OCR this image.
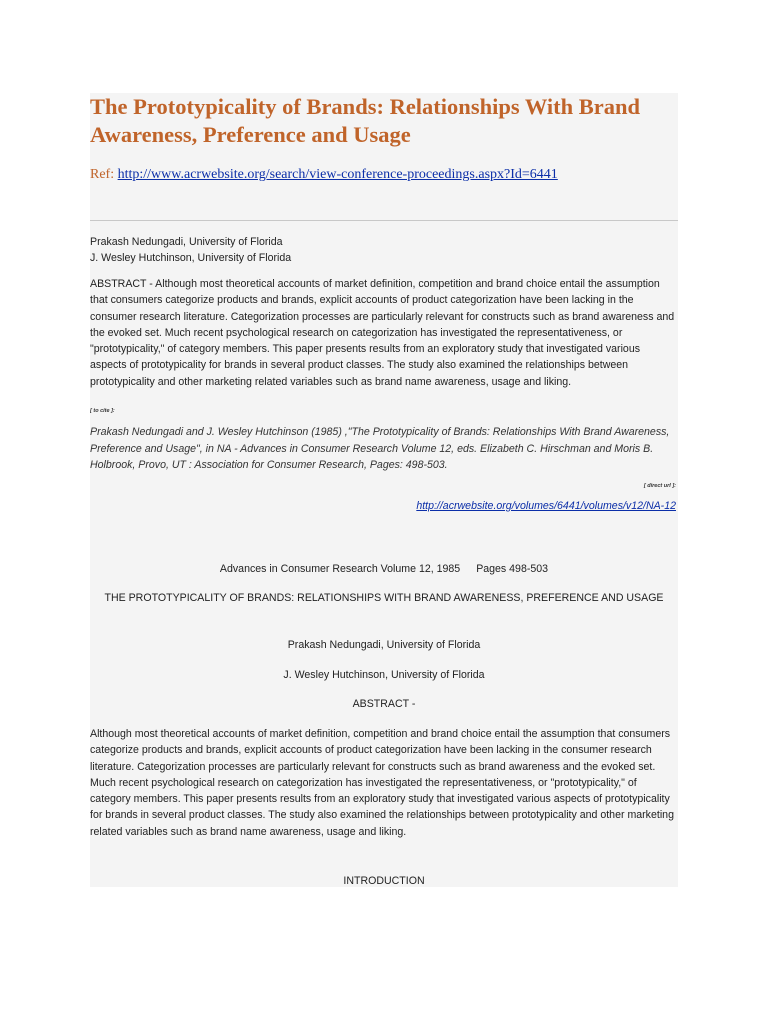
The Prototypicality of Brands: Relationships With Brand Awareness, Preference and Usage
Ref: http://www.acrwebsite.org/search/view-conference-proceedings.aspx?Id=6441
Prakash Nedungadi, University of Florida
J. Wesley Hutchinson, University of Florida

ABSTRACT - Although most theoretical accounts of market definition, competition and brand choice entail the assumption that consumers categorize products and brands, explicit accounts of product categorization have been lacking in the consumer research literature. Categorization processes are particularly relevant for constructs such as brand awareness and the evoked set. Much recent psychological research on categorization has investigated the representativeness, or "prototypicality," of category members. This paper presents results from an exploratory study that investigated various aspects of prototypicality for brands in several product classes. The study also examined the relationships between prototypicality and other marketing related variables such as brand name awareness, usage and liking.

[ to cite ]:

Prakash Nedungadi and J. Wesley Hutchinson (1985) ,"The Prototypicality of Brands: Relationships With Brand Awareness, Preference and Usage", in NA - Advances in Consumer Research Volume 12, eds. Elizabeth C. Hirschman and Moris B. Holbrook, Provo, UT : Association for Consumer Research, Pages: 498-503.

[ direct url ]:
http://acrwebsite.org/volumes/6441/volumes/v12/NA-12
Advances in Consumer Research Volume 12, 1985 Pages 498-503
THE PROTOTYPICALITY OF BRANDS: RELATIONSHIPS WITH BRAND AWARENESS, PREFERENCE AND USAGE
Prakash Nedungadi, University of Florida
J. Wesley Hutchinson, University of Florida
ABSTRACT -

Although most theoretical accounts of market definition, competition and brand choice entail the assumption that consumers categorize products and brands, explicit accounts of product categorization have been lacking in the consumer research literature. Categorization processes are particularly relevant for constructs such as brand awareness and the evoked set. Much recent psychological research on categorization has investigated the representativeness, or "prototypicality," of category members. This paper presents results from an exploratory study that investigated various aspects of prototypicality for brands in several product classes. The study also examined the relationships between prototypicality and other marketing related variables such as brand name awareness, usage and liking.

INTRODUCTION
